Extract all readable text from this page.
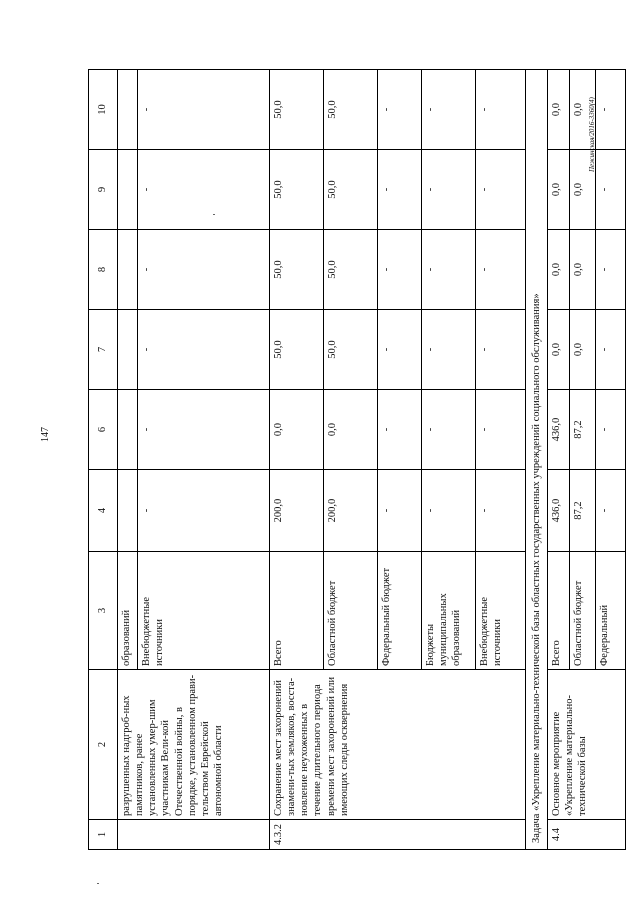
147
Пежинская/2016-3360(4)
1	2	3	4	6	7	8	9	10
	разрушенных надгроб-ных памятников, ранее установленных умер-шим участникам Вели-кой Отечественной войны, в порядке, установленном прави-тельством Еврейской автономной области	образований						
		Внебюджетные источники	-	-	-	-	-	-
4.3.2	Сохранение мест захоронений знамени-тых земляков, восста-новление неухоженных в течение длительного периода времени мест захоронений или имеющих следы осквернения	Всего	200,0	0,0	50,0	50,0	50,0	50,0
		Областной бюджет	200,0	0,0	50,0	50,0	50,0	50,0
		Федеральный бюджет	-	-	-	-	-	-
		Бюджеты муниципальных образований	-	-	-	-	-	-
		Внебюджетные источники	-	-	-	-	-	-
Задача «Укрепление материально-технической базы областных государственных учреждений социального обслуживания»								
4.4	Основное мероприятие «Укрепление материально-технической базы	Всего	436,0	436,0	0,0	0,0	0,0	0,0
		Областной бюджет	87,2	87,2	0,0	0,0	0,0	0,0
		Федеральный	-	-	-	-	-	-
